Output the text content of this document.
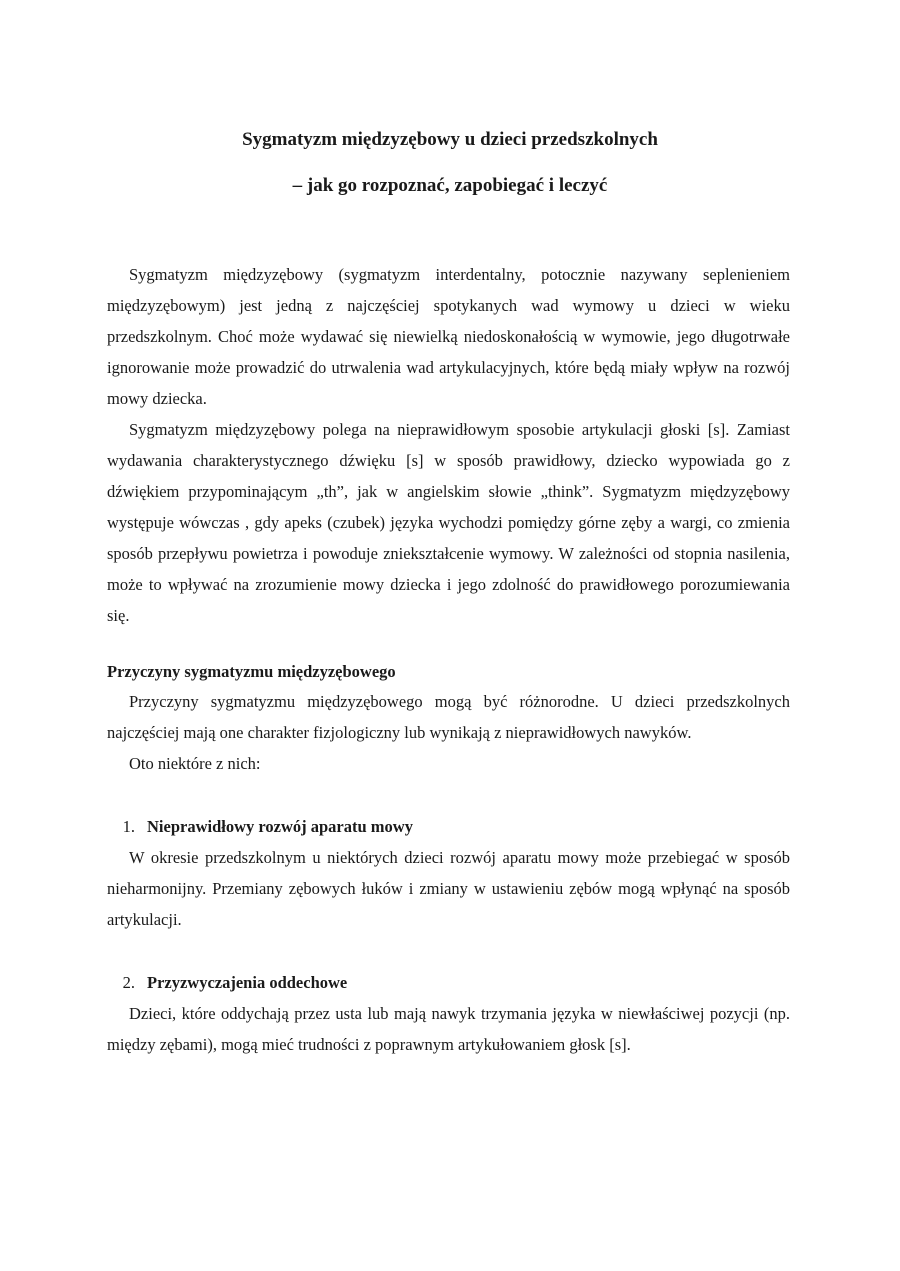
Sygmatyzm międzyzębowy u dzieci przedszkolnych
– jak go rozpoznać, zapobiegać i leczyć

Sygmatyzm międzyzębowy (sygmatyzm interdentalny, potocznie nazywany seplenieniem międzyzębowym) jest jedną z najczęściej spotykanych wad wymowy u dzieci w wieku przedszkolnym. Choć może wydawać się niewielką niedoskonałością w wymowie, jego długotrwałe ignorowanie może prowadzić do utrwalenia wad artykulacyjnych, które będą miały wpływ na rozwój mowy dziecka.

Sygmatyzm międzyzębowy polega na nieprawidłowym sposobie artykulacji głoski [s]. Zamiast wydawania charakterystycznego dźwięku [s] w sposób prawidłowy, dziecko wypowiada go z dźwiękiem przypominającym „th”, jak w angielskim słowie „think”. Sygmatyzm międzyzębowy występuje wówczas , gdy apeks (czubek) języka wychodzi pomiędzy górne zęby a wargi, co zmienia sposób przepływu powietrza i powoduje zniekształcenie wymowy. W zależności od stopnia nasilenia, może to wpływać na zrozumienie mowy dziecka i jego zdolność do prawidłowego porozumiewania się.

Przyczyny sygmatyzmu międzyzębowego

Przyczyny sygmatyzmu międzyzębowego mogą być różnorodne. U dzieci przedszkolnych najczęściej mają one charakter fizjologiczny lub wynikają z nieprawidłowych nawyków.

Oto niektóre z nich:

1. Nieprawidłowy rozwój aparatu mowy

W okresie przedszkolnym u niektórych dzieci rozwój aparatu mowy może przebiegać w sposób nieharmonijny. Przemiany zębowych łuków i zmiany w ustawieniu zębów mogą wpłynąć na sposób artykulacji.

2. Przyzwyczajenia oddechowe

Dzieci, które oddychają przez usta lub mają nawyk trzymania języka w niewłaściwej pozycji (np. między zębami), mogą mieć trudności z poprawnym artykułowaniem głosk [s].
